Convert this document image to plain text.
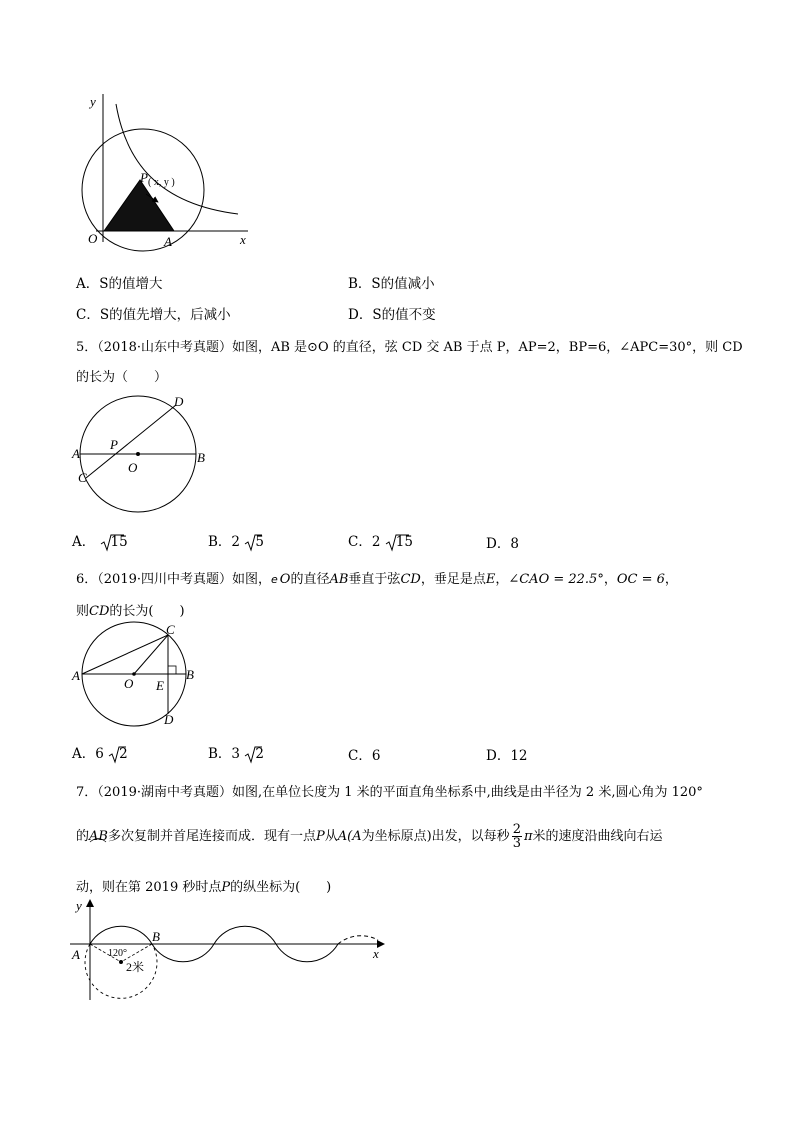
y
x
O	A
P ( x, y )
A．S的值增大	B．S的值减小
C．S的值先增大，后减小	D．S的值不变
5．（2018·山东中考真题）如图，AB 是⊙O 的直径，弦 CD 交 AB 于点 P，AP=2，BP=6，∠APC=30°，则 CD
的长为（　　）
A	B
C
D
P
O
A． 15	B．2 5	C．2 15	D．8
6．（2019·四川中考真题）如图，e O的直径AB垂直于弦CD，垂足是点E，∠CAO = 22.5°，OC = 6，
则CD的长为(　　)
A	B
C
D
E
O
A．6 2	B．3 2	C．6	D．12
7．（2019·湖南中考真题）如图,在单位长度为 1 米的平面直角坐标系中,曲线是由半径为 2 米,圆心角为 120°
的AB
多次复制并首尾连接而成．现有一点P从A(A为坐标原点)出发，以每秒 $\frac{2}{3}$ π米的速度沿曲线向右运
动，则在第 2019 秒时点P的纵坐标为(　　)
y
x
A
B
120°
2米
